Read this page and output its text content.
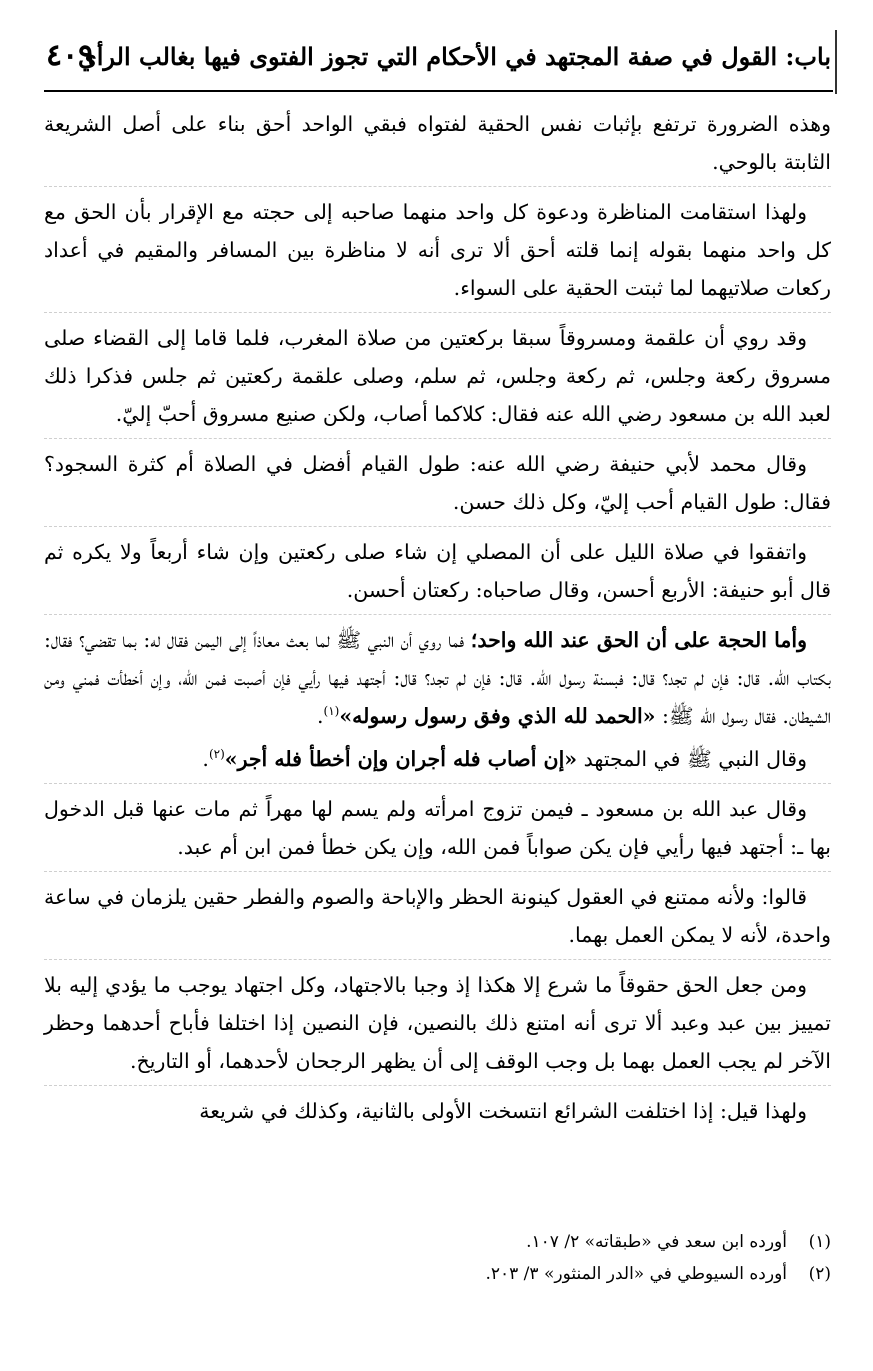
باب: القول في صفة المجتهد في الأحكام التي تجوز الفتوى فيها بغالب الرأي
٤٠٩

وهذه الضرورة ترتفع بإثبات نفس الحقية لفتواه فبقي الواحد أحق بناء على أصل الشريعة الثابتة بالوحي.

ولهذا استقامت المناظرة ودعوة كل واحد منهما صاحبه إلى حجته مع الإقرار بأن الحق مع كل واحد منهما بقوله إنما قلته أحق ألا ترى أنه لا مناظرة بين المسافر والمقيم في أعداد ركعات صلاتيهما لما ثبتت الحقية على السواء.

وقد روي أن علقمة ومسروقاً سبقا بركعتين من صلاة المغرب، فلما قاما إلى القضاء صلى مسروق ركعة وجلس، ثم ركعة وجلس، ثم سلم، وصلى علقمة ركعتين ثم جلس فذكرا ذلك لعبد الله بن مسعود رضي الله عنه فقال: كلاكما أصاب، ولكن صنيع مسروق أحبّ إليّ.

وقال محمد لأبي حنيفة رضي الله عنه: طول القيام أفضل في الصلاة أم كثرة السجود؟ فقال: طول القيام أحب إليّ، وكل ذلك حسن.

واتفقوا في صلاة الليل على أن المصلي إن شاء صلى ركعتين وإن شاء أربعاً ولا يكره ثم قال أبو حنيفة: الأربع أحسن، وقال صاحباه: ركعتان أحسن.

وأما الحجة على أن الحق عند الله واحد؛ فما روي أن النبي ﷺ لما بعث معاذاً إلى اليمن فقال له: بما تقضي؟ فقال: بكتاب الله. قال: فإن لم تجد؟ قال: فبسنة رسول الله. قال: فإن لم تجد؟ قال: أجتهد فيها رأيي فإن أصبت فمن الله، وإن أخطأت فمني ومن الشيطان. فقال رسول الله ﷺ: «الحمد لله الذي وفق رسول رسوله»$^{(١)}$.

وقال النبي ﷺ في المجتهد «إن أصاب فله أجران وإن أخطأ فله أجر»$^{(٢)}$.

وقال عبد الله بن مسعود ـ فيمن تزوج امرأته ولم يسم لها مهراً ثم مات عنها قبل الدخول بها ـ: أجتهد فيها رأيي فإن يكن صواباً فمن الله، وإن يكن خطأ فمن ابن أم عبد.

قالوا: ولأنه ممتنع في العقول كينونة الحظر والإباحة والصوم والفطر حقين يلزمان في ساعة واحدة، لأنه لا يمكن العمل بهما.

ومن جعل الحق حقوقاً ما شرع إلا هكذا إذ وجبا بالاجتهاد، وكل اجتهاد يوجب ما يؤدي إليه بلا تمييز بين عبد وعبد ألا ترى أنه امتنع ذلك بالنصين، فإن النصين إذا اختلفا فأباح أحدهما وحظر الآخر لم يجب العمل بهما بل وجب الوقف إلى أن يظهر الرجحان لأحدهما، أو التاريخ.

ولهذا قيل: إذا اختلفت الشرائع انتسخت الأولى بالثانية، وكذلك في شريعة

(١)أورده ابن سعد في «طبقاته» ٢/ ١٠٧.

(٢)أورده السيوطي في «الدر المنثور» ٣/ ٢٠٣.
